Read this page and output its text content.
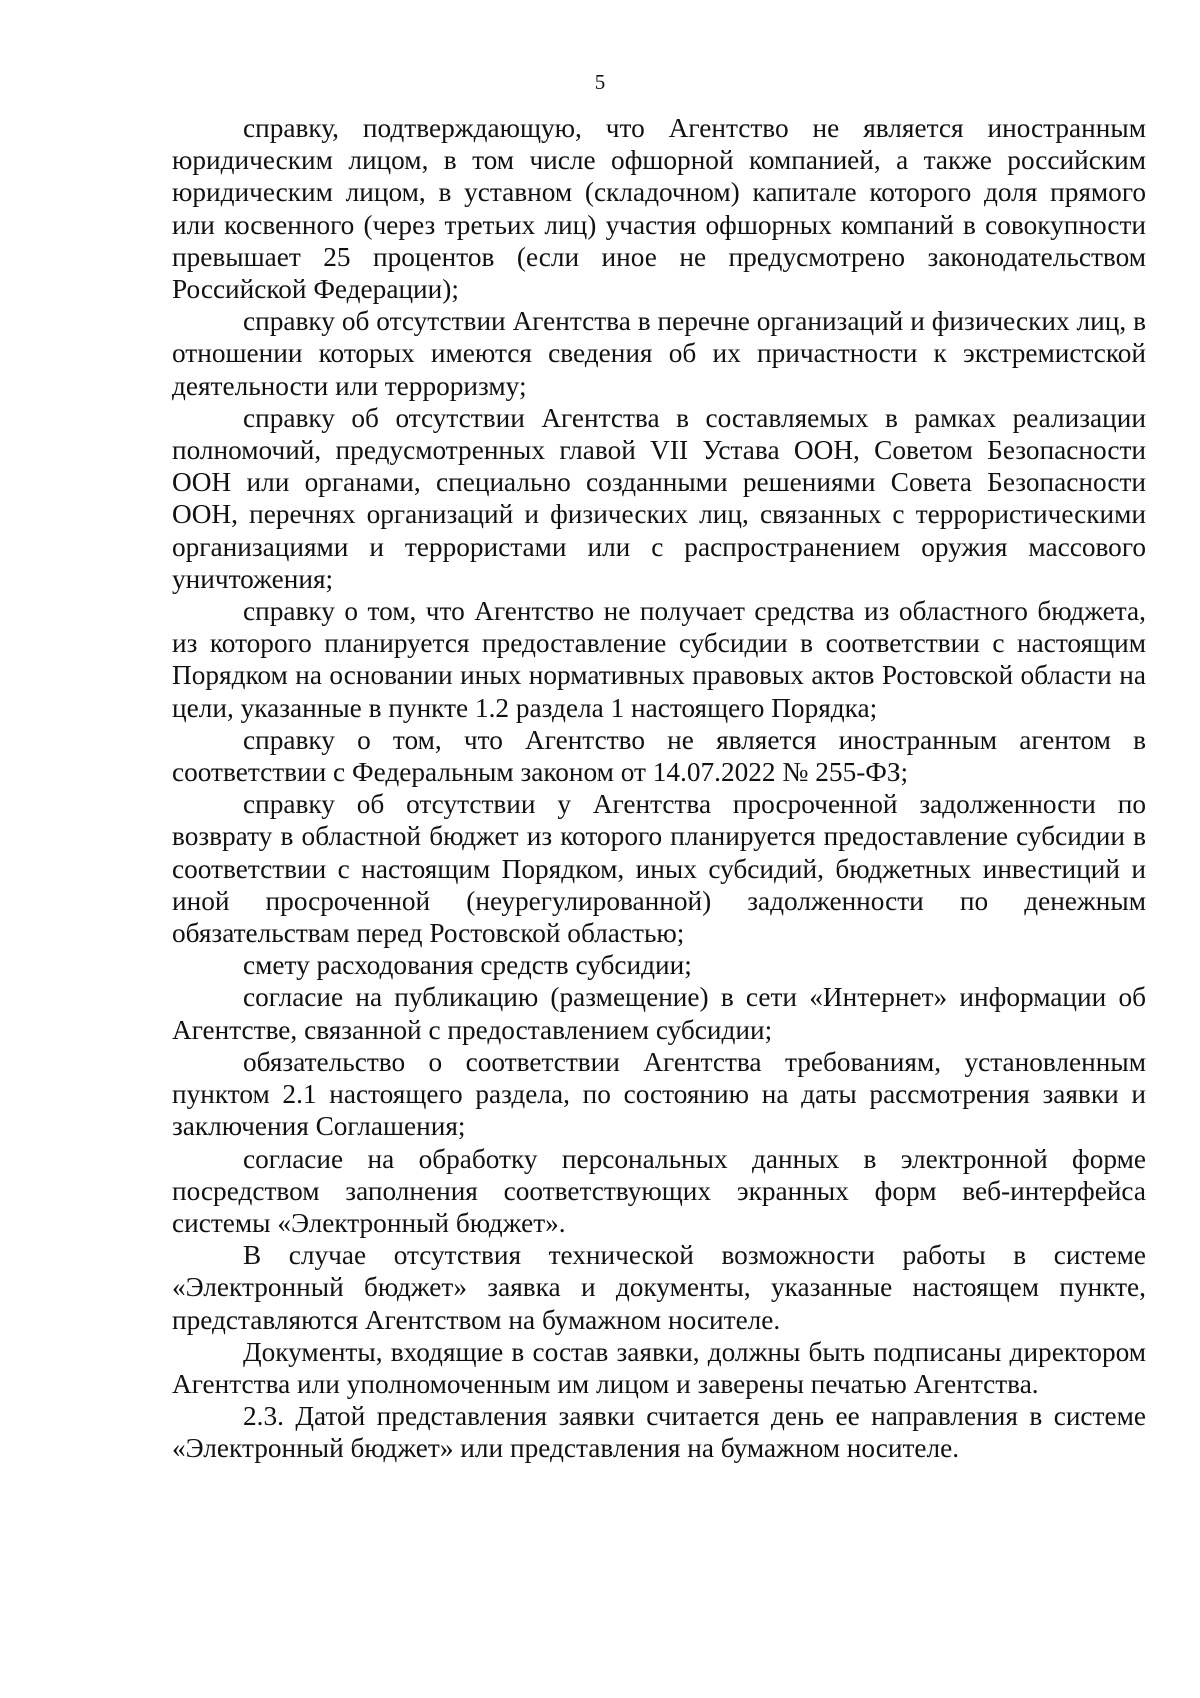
5

справку, подтверждающую, что Агентство не является иностранным юридическим лицом, в том числе офшорной компанией, а также российским юридическим лицом, в уставном (складочном) капитале которого доля прямого или косвенного (через третьих лиц) участия офшорных компаний в совокупности превышает 25 процентов (если иное не предусмотрено законодательством Российской Федерации);

справку об отсутствии Агентства в перечне организаций и физических лиц, в отношении которых имеются сведения об их причастности к экстремистской деятельности или терроризму;

справку об отсутствии Агентства в составляемых в рамках реализации полномочий, предусмотренных главой VII Устава ООН, Советом Безопасности ООН или органами, специально созданными решениями Совета Безопасности ООН, перечнях организаций и физических лиц, связанных с террористическими организациями и террористами или с распространением оружия массового уничтожения;

справку о том, что Агентство не получает средства из областного бюджета, из которого планируется предоставление субсидии в соответствии с настоящим Порядком на основании иных нормативных правовых актов Ростовской области на цели, указанные в пункте 1.2 раздела 1 настоящего Порядка;

справку о том, что Агентство не является иностранным агентом в соответствии с Федеральным законом от 14.07.2022 № 255-ФЗ;

справку об отсутствии у Агентства просроченной задолженности по возврату в областной бюджет из которого планируется предоставление субсидии в соответствии с настоящим Порядком, иных субсидий, бюджетных инвестиций и иной просроченной (неурегулированной) задолженности по денежным обязательствам перед Ростовской областью;

смету расходования средств субсидии;

согласие на публикацию (размещение) в сети «Интернет» информации об Агентстве, связанной с предоставлением субсидии;

обязательство о соответствии Агентства требованиям, установленным пунктом 2.1 настоящего раздела, по состоянию на даты рассмотрения заявки и заключения Соглашения;

согласие на обработку персональных данных в электронной форме посредством заполнения соответствующих экранных форм веб-интерфейса системы «Электронный бюджет».

В случае отсутствия технической возможности работы в системе «Электронный бюджет» заявка и документы, указанные настоящем пункте, представляются Агентством на бумажном носителе.

Документы, входящие в состав заявки, должны быть подписаны директором Агентства или уполномоченным им лицом и заверены печатью Агентства.

2.3. Датой представления заявки считается день ее направления в системе «Электронный бюджет» или представления на бумажном носителе.
